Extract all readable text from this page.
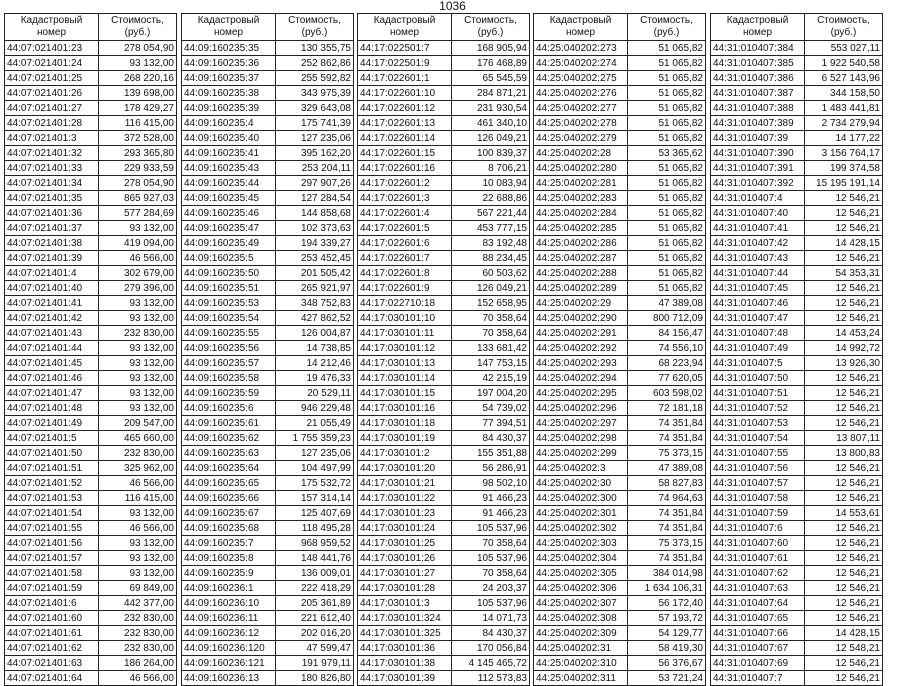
1036
Кадастровый номер	Стоимость, (руб.)
44:07:021401:23	278 054,90
44:07:021401:24	93 132,00
44:07:021401:25	268 220,16
44:07:021401:26	139 698,00
44:07:021401:27	178 429,27
44:07:021401:28	116 415,00
44:07:021401:3	372 528,00
44:07:021401:32	293 365,80
44:07:021401:33	229 933,59
44:07:021401:34	278 054,90
44:07:021401:35	865 927,03
44:07:021401:36	577 284,69
44:07:021401:37	93 132,00
44:07:021401:38	419 094,00
44:07:021401:39	46 566,00
44:07:021401:4	302 679,00
44:07:021401:40	279 396,00
44:07:021401:41	93 132,00
44:07:021401:42	93 132,00
44:07:021401:43	232 830,00
44:07:021401:44	93 132,00
44:07:021401:45	93 132,00
44:07:021401:46	93 132,00
44:07:021401:47	93 132,00
44:07:021401:48	93 132,00
44:07:021401:49	209 547,00
44:07:021401:5	465 660,00
44:07:021401:50	232 830,00
44:07:021401:51	325 962,00
44:07:021401:52	46 566,00
44:07:021401:53	116 415,00
44:07:021401:54	93 132,00
44:07:021401:55	46 566,00
44:07:021401:56	93 132,00
44:07:021401:57	93 132,00
44:07:021401:58	93 132,00
44:07:021401:59	69 849,00
44:07:021401:6	442 377,00
44:07:021401:60	232 830,00
44:07:021401:61	232 830,00
44:07:021401:62	232 830,00
44:07:021401:63	186 264,00
44:07:021401:64	46 566,00
Кадастровый номер	Стоимость, (руб.)
44:09:160235:35	130 355,75
44:09:160235:36	252 862,86
44:09:160235:37	255 592,82
44:09:160235:38	343 975,39
44:09:160235:39	329 643,08
44:09:160235:4	175 741,39
44:09:160235:40	127 235,06
44:09:160235:41	395 162,20
44:09:160235:43	253 204,11
44:09:160235:44	297 907,26
44:09:160235:45	127 284,54
44:09:160235:46	144 858,68
44:09:160235:47	102 373,63
44:09:160235:49	194 339,27
44:09:160235:5	253 452,45
44:09:160235:50	201 505,42
44:09:160235:51	265 921,97
44:09:160235:53	348 752,83
44:09:160235:54	427 862,52
44:09:160235:55	126 004,87
44:09:160235:56	14 738,85
44:09:160235:57	14 212,46
44:09:160235:58	19 476,33
44:09:160235:59	20 529,11
44:09:160235:6	946 229,48
44:09:160235:61	21 055,49
44:09:160235:62	1 755 359,23
44:09:160235:63	127 235,06
44:09:160235:64	104 497,99
44:09:160235:65	175 532,72
44:09:160235:66	157 314,14
44:09:160235:67	125 407,69
44:09:160235:68	118 495,28
44:09:160235:7	968 959,52
44:09:160235:8	148 441,76
44:09:160235:9	136 009,01
44:09:160236:1	222 418,29
44:09:160236:10	205 361,89
44:09:160236:11	221 612,40
44:09:160236:12	202 016,20
44:09:160236:120	47 599,47
44:09:160236:121	191 979,11
44:09:160236:13	180 826,80
Кадастровый номер	Стоимость, (руб.)
44:17:022501:7	168 905,94
44:17:022501:9	176 468,89
44:17:022601:1	65 545,59
44:17:022601:10	284 871,21
44:17:022601:12	231 930,54
44:17:022601:13	461 340,10
44:17:022601:14	126 049,21
44:17:022601:15	100 839,37
44:17:022601:16	8 706,21
44:17:022601:2	10 083,94
44:17:022601:3	22 688,86
44:17:022601:4	567 221,44
44:17:022601:5	453 777,15
44:17:022601:6	83 192,48
44:17:022601:7	88 234,45
44:17:022601:8	60 503,62
44:17:022601:9	126 049,21
44:17:022710:18	152 658,95
44:17:030101:10	70 358,64
44:17:030101:11	70 358,64
44:17:030101:12	133 681,42
44:17:030101:13	147 753,15
44:17:030101:14	42 215,19
44:17:030101:15	197 004,20
44:17:030101:16	54 739,02
44:17:030101:18	77 394,51
44:17:030101:19	84 430,37
44:17:030101:2	155 351,88
44:17:030101:20	56 286,91
44:17:030101:21	98 502,10
44:17:030101:22	91 466,23
44:17:030101:23	91 466,23
44:17:030101:24	105 537,96
44:17:030101:25	70 358,64
44:17:030101:26	105 537,96
44:17:030101:27	70 358,64
44:17:030101:28	24 203,37
44:17:030101:3	105 537,96
44:17:030101:324	14 071,73
44:17:030101:325	84 430,37
44:17:030101:36	170 056,84
44:17:030101:38	4 145 465,72
44:17:030101:39	112 573,83
Кадастровый номер	Стоимость, (руб.)
44:25:040202:273	51 065,82
44:25:040202:274	51 065,82
44:25:040202:275	51 065,82
44:25:040202:276	51 065,82
44:25:040202:277	51 065,82
44:25:040202:278	51 065,82
44:25:040202:279	51 065,82
44:25:040202:28	53 365,62
44:25:040202:280	51 065,82
44:25:040202:281	51 065,82
44:25:040202:283	51 065,82
44:25:040202:284	51 065,82
44:25:040202:285	51 065,82
44:25:040202:286	51 065,82
44:25:040202:287	51 065,82
44:25:040202:288	51 065,82
44:25:040202:289	51 065,82
44:25:040202:29	47 389,08
44:25:040202:290	800 712,09
44:25:040202:291	84 156,47
44:25:040202:292	74 556,10
44:25:040202:293	68 223,94
44:25:040202:294	77 620,05
44:25:040202:295	603 598,02
44:25:040202:296	72 181,18
44:25:040202:297	74 351,84
44:25:040202:298	74 351,84
44:25:040202:299	75 373,15
44:25:040202:3	47 389,08
44:25:040202:30	58 827,83
44:25:040202:300	74 964,63
44:25:040202:301	74 351,84
44:25:040202:302	74 351,84
44:25:040202:303	75 373,15
44:25:040202:304	74 351,84
44:25:040202:305	384 014,98
44:25:040202:306	1 634 106,31
44:25:040202:307	56 172,40
44:25:040202:308	57 193,72
44:25:040202:309	54 129,77
44:25:040202:31	58 419,30
44:25:040202:310	56 376,67
44:25:040202:311	53 721,24
Кадастровый номер	Стоимость, (руб.)
44:31:010407:384	553 027,11
44:31:010407:385	1 922 540,58
44:31:010407:386	6 527 143,96
44:31:010407:387	344 158,50
44:31:010407:388	1 483 441,81
44:31:010407:389	2 734 279,94
44:31:010407:39	14 177,22
44:31:010407:390	3 156 764,17
44:31:010407:391	199 374,58
44:31:010407:392	15 195 191,14
44:31:010407:4	12 546,21
44:31:010407:40	12 546,21
44:31:010407:41	12 546,21
44:31:010407:42	14 428,15
44:31:010407:43	12 546,21
44:31:010407:44	54 353,31
44:31:010407:45	12 546,21
44:31:010407:46	12 546,21
44:31:010407:47	12 546,21
44:31:010407:48	14 453,24
44:31:010407:49	14 992,72
44:31:010407:5	13 926,30
44:31:010407:50	12 546,21
44:31:010407:51	12 546,21
44:31:010407:52	12 546,21
44:31:010407:53	12 546,21
44:31:010407:54	13 807,11
44:31:010407:55	13 800,83
44:31:010407:56	12 546,21
44:31:010407:57	12 546,21
44:31:010407:58	12 546,21
44:31:010407:59	14 553,61
44:31:010407:6	12 546,21
44:31:010407:60	12 546,21
44:31:010407:61	12 546,21
44:31:010407:62	12 546,21
44:31:010407:63	12 546,21
44:31:010407:64	12 546,21
44:31:010407:65	12 546,21
44:31:010407:66	14 428,15
44:31:010407:67	12 548,21
44:31:010407:69	12 546,21
44:31:010407:7	12 546,21
